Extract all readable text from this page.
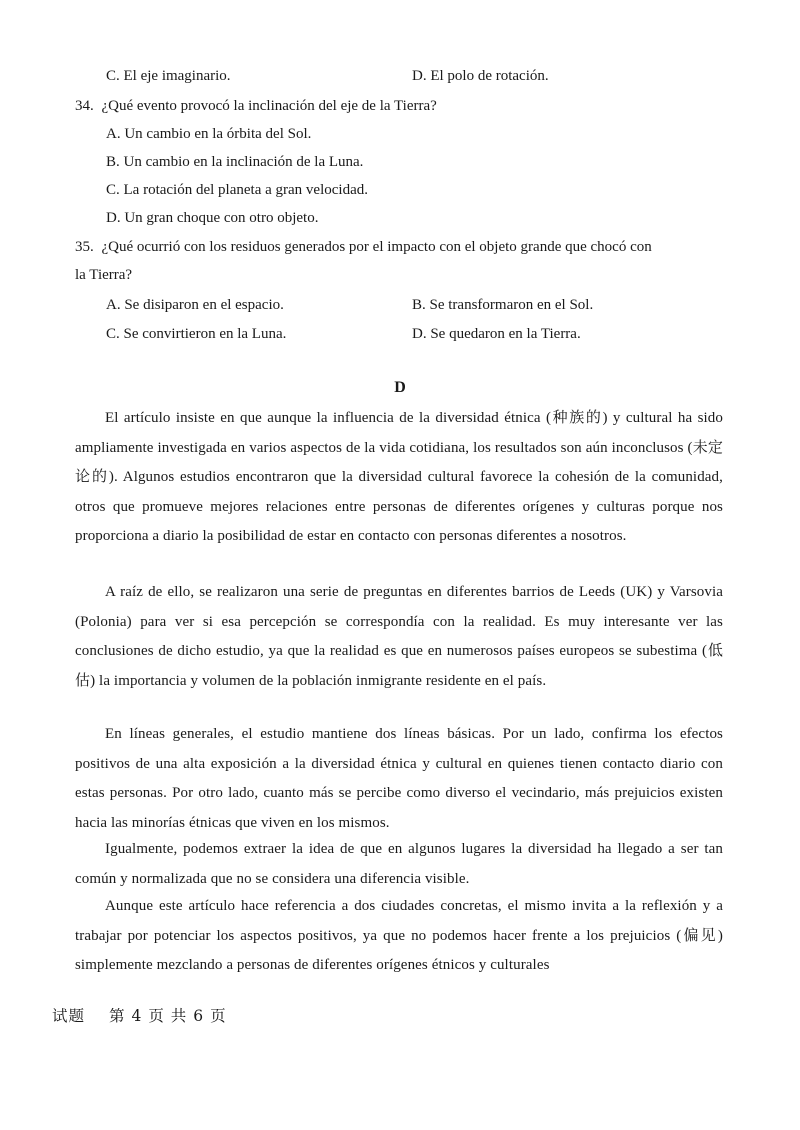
C. El eje imaginario.	D. El polo de rotación.
34. ¿Qué evento provocó la inclinación del eje de la Tierra?
A. Un cambio en la órbita del Sol.
B. Un cambio en la inclinación de la Luna.
C. La rotación del planeta a gran velocidad.
D. Un gran choque con otro objeto.
35. ¿Qué ocurrió con los residuos generados por el impacto con el objeto grande que chocó con
la Tierra?
A. Se disiparon en el espacio.	B. Se transformaron en el Sol.
C. Se convirtieron en la Luna.	D. Se quedaron en la Tierra.
D
El artículo insiste en que aunque la influencia de la diversidad étnica (种族的) y cultural ha sido ampliamente investigada en varios aspectos de la vida cotidiana, los resultados son aún inconclusos (未定论的). Algunos estudios encontraron que la diversidad cultural favorece la cohesión de la comunidad, otros que promueve mejores relaciones entre personas de diferentes orígenes y culturas porque nos proporciona a diario la posibilidad de estar en contacto con personas diferentes a nosotros.
A raíz de ello, se realizaron una serie de preguntas en diferentes barrios de Leeds (UK) y Varsovia (Polonia) para ver si esa percepción se correspondía con la realidad. Es muy interesante ver las conclusiones de dicho estudio, ya que la realidad es que en numerosos países europeos se subestima (低估) la importancia y volumen de la población inmigrante residente en el país.
En líneas generales, el estudio mantiene dos líneas básicas. Por un lado, confirma los efectos positivos de una alta exposición a la diversidad étnica y cultural en quienes tienen contacto diario con estas personas. Por otro lado, cuanto más se percibe como diverso el vecindario, más prejuicios existen hacia las minorías étnicas que viven en los mismos.
Igualmente, podemos extraer la idea de que en algunos lugares la diversidad ha llegado a ser tan común y normalizada que no se considera una diferencia visible.
Aunque este artículo hace referencia a dos ciudades concretas, el mismo invita a la reflexión y a trabajar por potenciar los aspectos positivos, ya que no podemos hacer frente a los prejuicios (偏见) simplemente mezclando a personas de diferentes orígenes étnicos y culturales
试题 第 4 页 共 6 页
